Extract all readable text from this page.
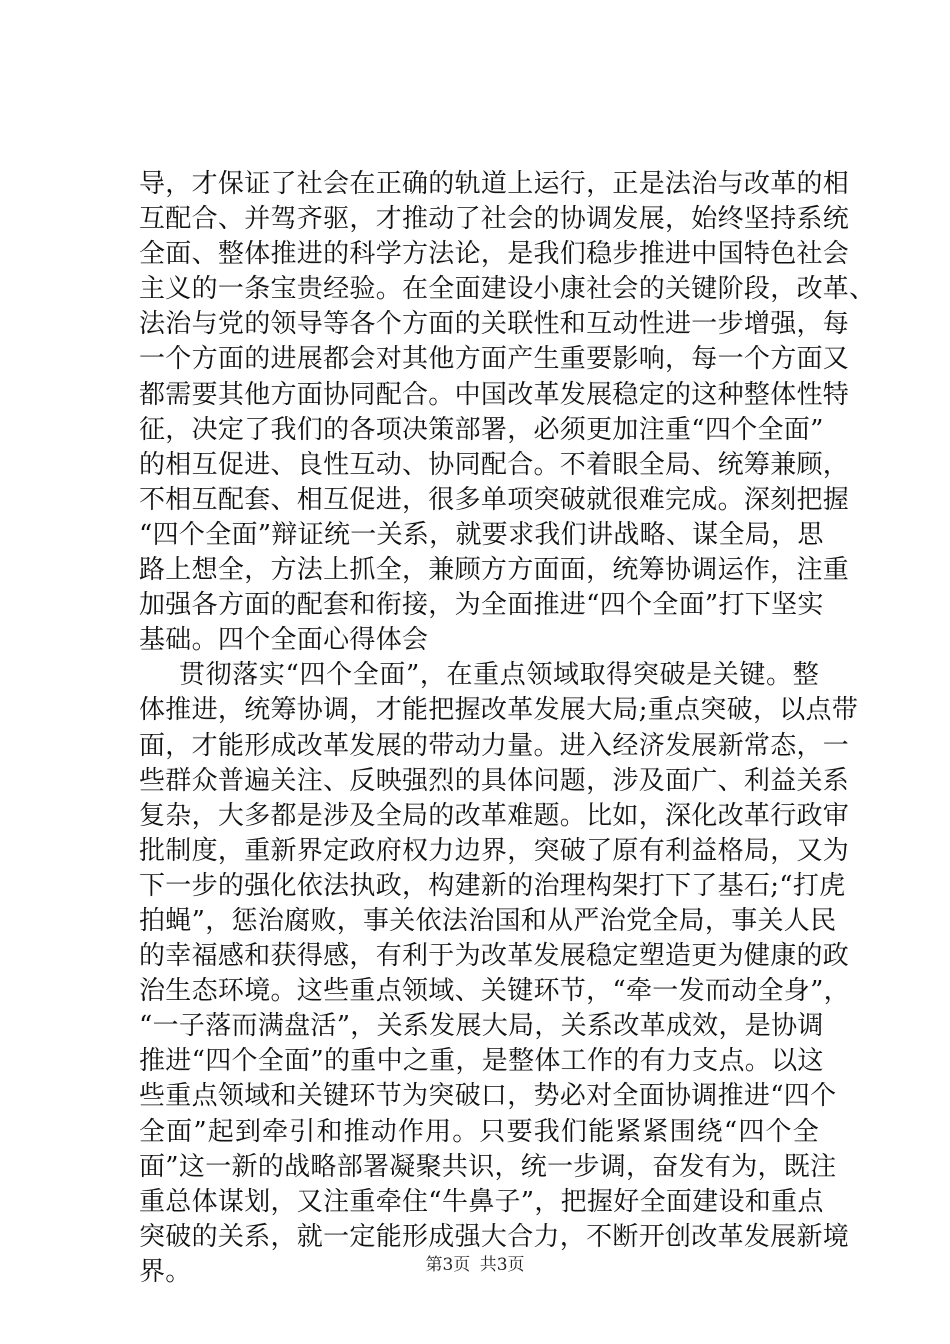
导，才保证了社会在正确的轨道上运行，正是法治与改革的相
互配合、并驾齐驱，才推动了社会的协调发展，始终坚持系统
全面、整体推进的科学方法论，是我们稳步推进中国特色社会
主义的一条宝贵经验。在全面建设小康社会的关键阶段，改革、
法治与党的领导等各个方面的关联性和互动性进一步增强，每
一个方面的进展都会对其他方面产生重要影响，每一个方面又
都需要其他方面协同配合。中国改革发展稳定的这种整体性特
征，决定了我们的各项决策部署，必须更加注重“四个全面”
的相互促进、良性互动、协同配合。不着眼全局、统筹兼顾，
不相互配套、相互促进，很多单项突破就很难完成。深刻把握
“四个全面”辩证统一关系，就要求我们讲战略、谋全局，思
路上想全，方法上抓全，兼顾方方面面，统筹协调运作，注重
加强各方面的配套和衔接，为全面推进“四个全面”打下坚实
基础。四个全面心得体会
贯彻落实“四个全面”，在重点领域取得突破是关键。整
体推进，统筹协调，才能把握改革发展大局;重点突破，以点带
面，才能形成改革发展的带动力量。进入经济发展新常态，一
些群众普遍关注、反映强烈的具体问题，涉及面广、利益关系
复杂，大多都是涉及全局的改革难题。比如，深化改革行政审
批制度，重新界定政府权力边界，突破了原有利益格局，又为
下一步的强化依法执政，构建新的治理构架打下了基石;“打虎
拍蝇”，惩治腐败，事关依法治国和从严治党全局，事关人民
的幸福感和获得感，有利于为改革发展稳定塑造更为健康的政
治生态环境。这些重点领域、关键环节，“牵一发而动全身”，
“一子落而满盘活”，关系发展大局，关系改革成效，是协调
推进“四个全面”的重中之重，是整体工作的有力支点。以这
些重点领域和关键环节为突破口，势必对全面协调推进“四个
全面”起到牵引和推动作用。只要我们能紧紧围绕“四个全
面”这一新的战略部署凝聚共识，统一步调，奋发有为，既注
重总体谋划，又注重牵住“牛鼻子”，把握好全面建设和重点
突破的关系，就一定能形成强大合力，不断开创改革发展新境
界。	第3页 共3页
